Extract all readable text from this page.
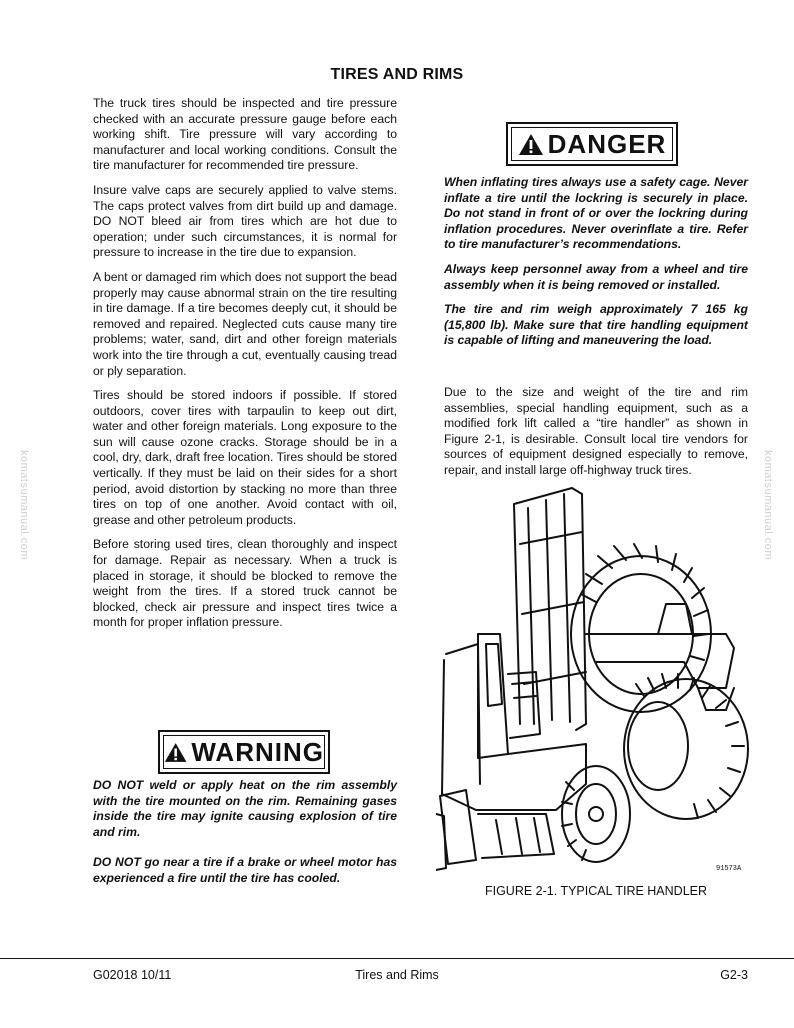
TIRES AND RIMS

The truck tires should be inspected and tire pressure checked with an accurate pressure gauge before each working shift. Tire pressure will vary according to manufacturer and local working conditions. Consult the tire manufacturer for recommended tire pressure.

Insure valve caps are securely applied to valve stems. The caps protect valves from dirt build up and damage. DO NOT bleed air from tires which are hot due to operation; under such circumstances, it is normal for pressure to increase in the tire due to expansion.

A bent or damaged rim which does not support the bead properly may cause abnormal strain on the tire resulting in tire damage. If a tire becomes deeply cut, it should be removed and repaired. Neglected cuts cause many tire problems; water, sand, dirt and other foreign materials work into the tire through a cut, eventually causing tread or ply separation.

Tires should be stored indoors if possible. If stored outdoors, cover tires with tarpaulin to keep out dirt, water and other foreign materials. Long exposure to the sun will cause ozone cracks. Storage should be in a cool, dry, dark, draft free location. Tires should be stored vertically. If they must be laid on their sides for a short period, avoid distortion by stacking no more than three tires on top of one another. Avoid contact with oil, grease and other petroleum products.

Before storing used tires, clean thoroughly and inspect for damage. Repair as necessary. When a truck is placed in storage, it should be blocked to remove the weight from the tires. If a stored truck cannot be blocked, check air pressure and inspect tires twice a month for proper inflation pressure.

WARNING

DO NOT weld or apply heat on the rim assembly with the tire mounted on the rim. Remaining gases inside the tire may ignite causing explosion of tire and rim.

DO NOT go near a tire if a brake or wheel motor has experienced a fire until the tire has cooled.

DANGER

When inflating tires always use a safety cage. Never inflate a tire until the lockring is securely in place. Do not stand in front of or over the lockring during inflation procedures. Never overinflate a tire. Refer to tire manufacturer’s recommendations.

Always keep personnel away from a wheel and tire assembly when it is being removed or installed.

The tire and rim weigh approximately 7 165 kg (15,800 lb). Make sure that tire handling equipment is capable of lifting and maneuvering the load.

Due to the size and weight of the tire and rim assemblies, special handling equipment, such as a modified fork lift called a “tire handler” as shown in Figure 2-1, is desirable. Consult local tire vendors for sources of equipment designed especially to remove, repair, and install large off-highway truck tires.

91573A
FIGURE 2-1. TYPICAL TIRE HANDLER
komatsumanual.com	komatsumanual.com
G02018 10/11	Tires and Rims	G2-3
